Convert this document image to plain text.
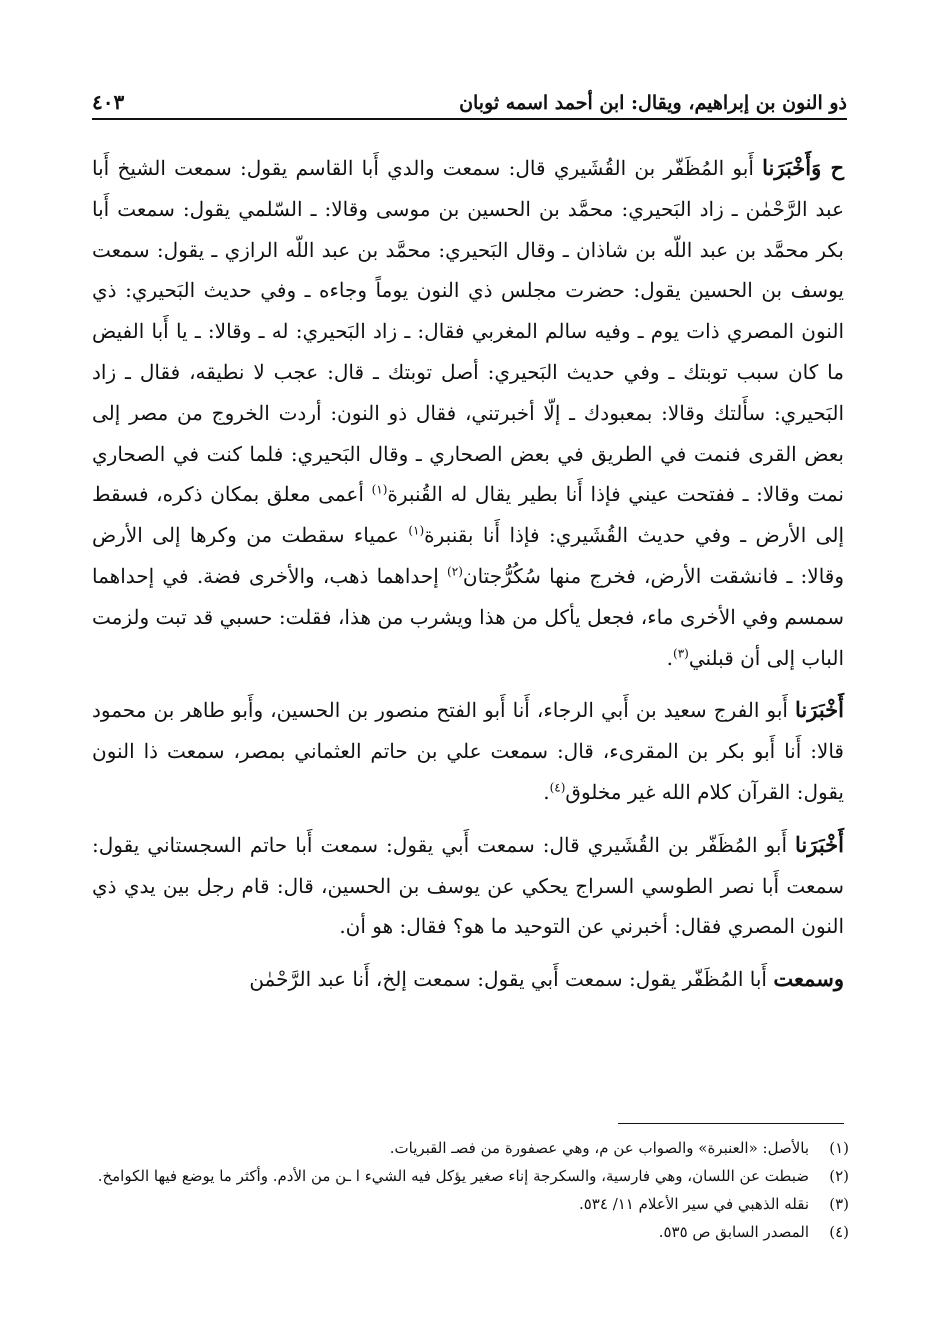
ذو النون بن إبراهيم، ويقال: ابن أحمد اسمه ثوبان
٤٠٣

ح وَأَخْبَرَنا أَبو المُظَفّر بن القُشَيري قال: سمعت والدي أَبا القاسم يقول: سمعت الشيخ أَبا عبد الرَّحْمٰن ـ زاد البَحيري: محمَّد بن الحسين بن موسى وقالا: ـ السّلمي يقول: سمعت أَبا بكر محمَّد بن عبد اللّه بن شاذان ـ وقال البَحيري: محمَّد بن عبد اللّه الرازي ـ يقول: سمعت يوسف بن الحسين يقول: حضرت مجلس ذي النون يوماً وجاءه ـ وفي حديث البَحيري: ذي النون المصري ذات يوم ـ وفيه سالم المغربي فقال: ـ زاد البَحيري: له ـ وقالا: ـ يا أَبا الفيض ما كان سبب توبتك ـ وفي حديث البَحيري: أصل توبتك ـ قال: عجب لا نطيقه، فقال ـ زاد البَحيري: سأَلتك وقالا: بمعبودك ـ إلّا أخبرتني، فقال ذو النون: أردت الخروج من مصر إلى بعض القرى فنمت في الطريق في بعض الصحاري ـ وقال البَحيري: فلما كنت في الصحاري نمت وقالا: ـ ففتحت عيني فإذا أَنا بطير يقال له القُنبرة$^{(١)}$ أعمى معلق بمكان ذكره، فسقط إلى الأرض ـ وفي حديث القُشَيري: فإذا أَنا بقنبرة$^{(١)}$ عمياء سقطت من وكرها إلى الأرض وقالا: ـ فانشقت الأرض، فخرج منها سُكُرُّجتان$^{(٢)}$ إحداهما ذهب، والأخرى فضة. في إحداهما سمسم وفي الأخرى ماء، فجعل يأكل من هذا ويشرب من هذا، فقلت: حسبي قد تبت ولزمت الباب إلى أن قبلني$^{(٣)}$.

أَخْبَرَنا أَبو الفرج سعيد بن أَبي الرجاء، أَنا أَبو الفتح منصور بن الحسين، وأَبو طاهر بن محمود قالا: أَنا أَبو بكر بن المقرىء، قال: سمعت علي بن حاتم العثماني بمصر، سمعت ذا النون يقول: القرآن كلام الله غير مخلوق$^{(٤)}$.

أَخْبَرَنا أَبو المُظَفّر بن القُشَيري قال: سمعت أَبي يقول: سمعت أَبا حاتم السجستاني يقول: سمعت أَبا نصر الطوسي السراج يحكي عن يوسف بن الحسين، قال: قام رجل بين يدي ذي النون المصري فقال: أخبرني عن التوحيد ما هو؟ فقال: هو أن.

وسمعت أَبا المُظَفّر يقول: سمعت أَبي يقول: سمعت إلخ، أَنا عبد الرَّحْمٰن

(١)
بالأصل: «العنبرة» والصواب عن م، وهي عصفورة من فصـ القبريات.
(٢)
ضبطت عن اللسان، وهي فارسية، والسكرجة إناء صغير يؤكل فيه الشيء ا ـن من الأدم. وأكثر ما يوضع فيها الكوامخ.
(٣)
نقله الذهبي في سير الأعلام ١١/ ٥٣٤.
(٤)
المصدر السابق ص ٥٣٥.
